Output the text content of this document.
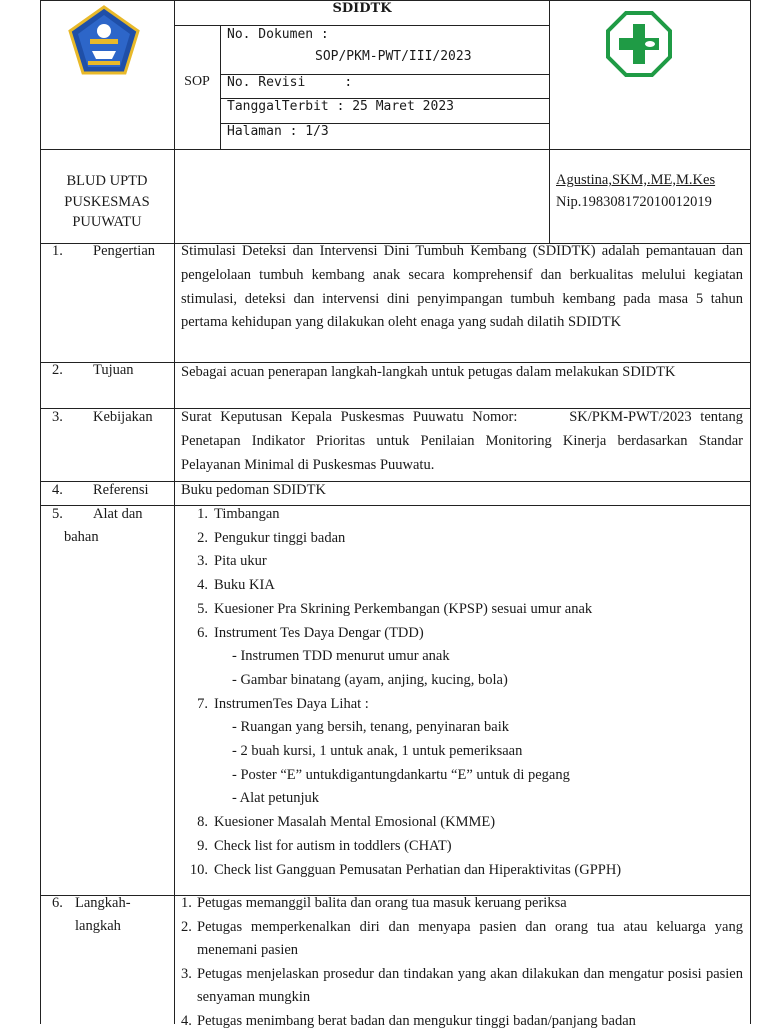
SDIDTK
SOP
No. Dokumen :
SOP/PKM-PWT/III/2023
No. Revisi     :
TanggalTerbit : 25 Maret 2023
Halaman : 1/3
BLUD UPTD
PUSKESMAS
PUUWATU
Agustina,SKM,.ME,M.Kes
Nip.198308172010012019
1. Pengertian Stimulasi Deteksi dan Intervensi Dini Tumbuh Kembang (SDIDTK) adalah pemantauan dan pengelolaan tumbuh kembang anak secara komprehensif dan berkualitas melului kegiatan stimulasi, deteksi dan intervensi dini penyimpangan tumbuh kembang pada masa 5 tahun pertama kehidupan yang dilakukan oleht enaga yang sudah dilatih SDIDTK
2. Tujuan	Sebagai acuan penerapan langkah-langkah untuk petugas dalam melakukan SDIDTK
3. Kebijakan Surat Keputusan Kepala Puskesmas Puuwatu Nomor:      SK/PKM-PWT/2023 tentang  Penetapan Indikator Prioritas untuk Penilaian Monitoring Kinerja berdasarkan Standar Pelayanan Minimal di Puskesmas Puuwatu.
4. Referensi Buku pedoman SDIDTK
5. Alat dan
bahan
1. Timbangan
2. Pengukur tinggi badan
3. Pita ukur
4. Buku KIA
5. Kuesioner Pra Skrining Perkembangan (KPSP) sesuai umur anak
6. Instrument Tes Daya Dengar (TDD)
- Instrumen TDD menurut umur anak
- Gambar binatang (ayam, anjing, kucing, bola)
7. InstrumenTes Daya Lihat :
- Ruangan yang bersih, tenang, penyinaran baik
- 2 buah kursi, 1 untuk anak, 1 untuk pemeriksaan
- Poster “E” untukdigantungdankartu “E” untuk di pegang
- Alat petunjuk
8. Kuesioner Masalah Mental Emosional (KMME)
9. Check list for autism in toddlers (CHAT)
10. Check list Gangguan Pemusatan Perhatian dan Hiperaktivitas (GPPH)
6. Langkah-
langkah
1. Petugas memanggil balita dan orang tua masuk keruang periksa
2. Petugas memperkenalkan diri dan menyapa pasien dan orang tua atau keluarga yang menemani pasien
3. Petugas menjelaskan prosedur dan tindakan yang akan dilakukan dan mengatur posisi pasien senyaman mungkin
4. Petugas menimbang berat badan dan mengukur tinggi badan/panjang badan
